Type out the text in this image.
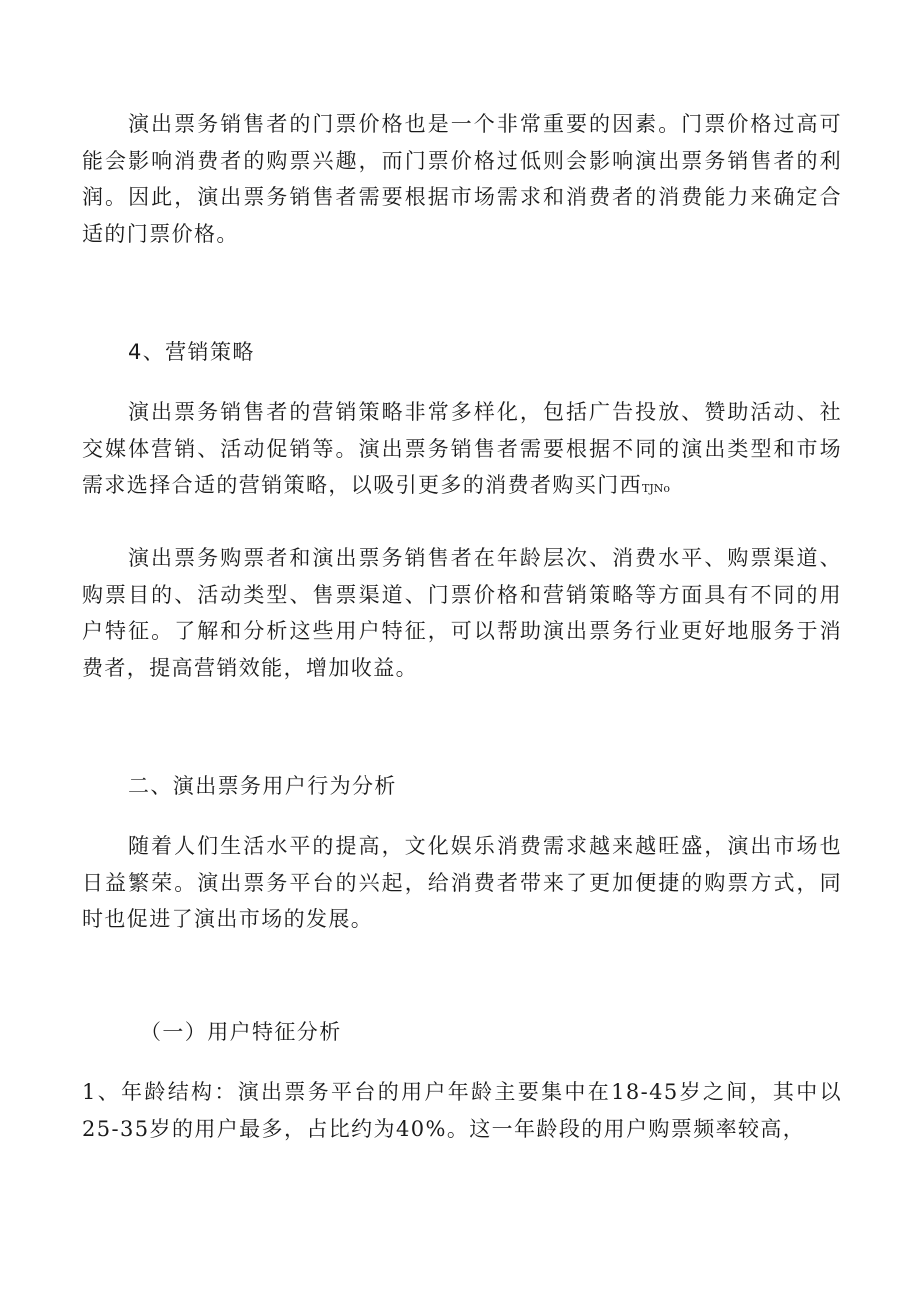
演出票务销售者的门票价格也是一个非常重要的因素。门票价格过高可能会影响消费者的购票兴趣，而门票价格过低则会影响演出票务销售者的利润。因此，演出票务销售者需要根据市场需求和消费者的消费能力来确定合适的门票价格。

4、营销策略

演出票务销售者的营销策略非常多样化，包括广告投放、赞助活动、社交媒体营销、活动促销等。演出票务销售者需要根据不同的演出类型和市场需求选择合适的营销策略，以吸引更多的消费者购买门西TJNo

演出票务购票者和演出票务销售者在年龄层次、消费水平、购票渠道、购票目的、活动类型、售票渠道、门票价格和营销策略等方面具有不同的用户特征。了解和分析这些用户特征，可以帮助演出票务行业更好地服务于消费者，提高营销效能，增加收益。

二、演出票务用户行为分析

随着人们生活水平的提高，文化娱乐消费需求越来越旺盛，演出市场也日益繁荣。演出票务平台的兴起，给消费者带来了更加便捷的购票方式，同时也促进了演出市场的发展。

（一）用户特征分析

1、年龄结构：演出票务平台的用户年龄主要集中在18-45岁之间，其中以25-35岁的用户最多，占比约为40%。这一年龄段的用户购票频率较高，
